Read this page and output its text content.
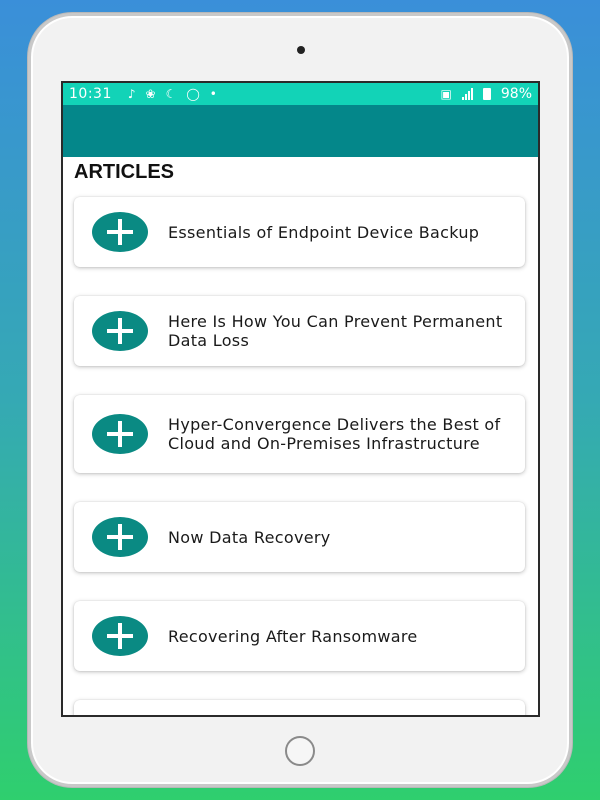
10:31 ♪ ❀ ☾ ◯ •	▣	98%
ARTICLES
Essentials of Endpoint Device Backup
Here Is How You Can Prevent Permanent Data Loss
Hyper-Convergence Delivers the Best of Cloud and On-Premises Infrastructure
Now Data Recovery
Recovering After Ransomware
